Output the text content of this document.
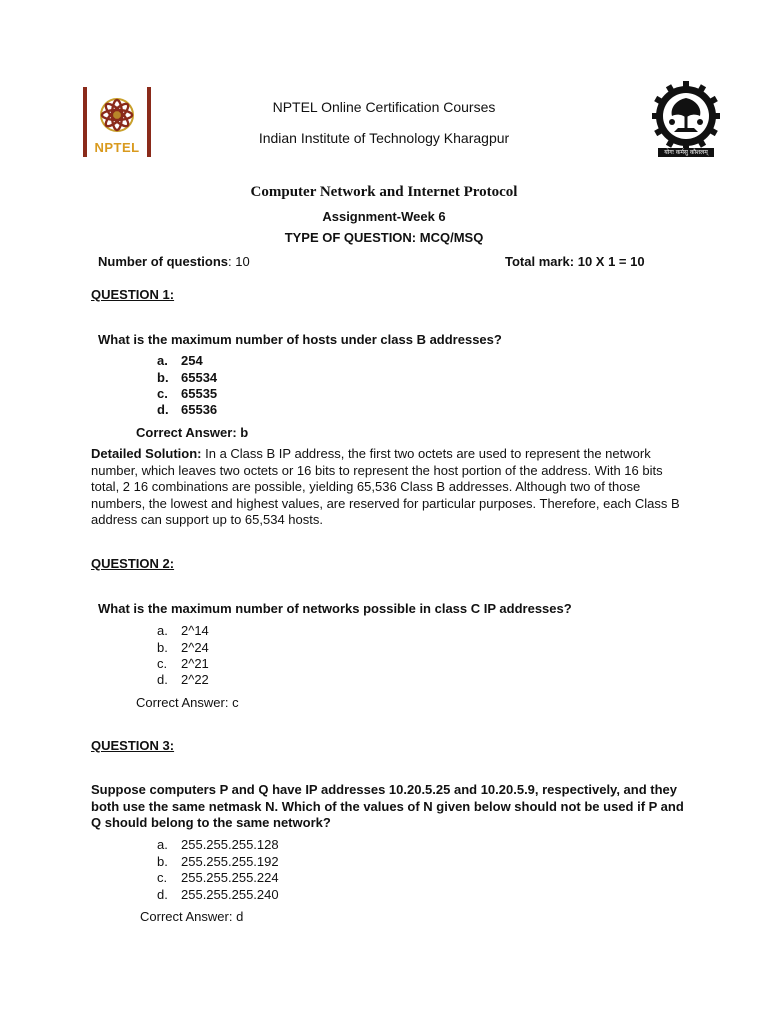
NPTEL	योगः कर्मसु कौशलम्
NPTEL Online Certification Courses
Indian Institute of Technology Kharagpur
Computer Network and Internet Protocol
Assignment-Week 6
TYPE OF QUESTION: MCQ/MSQ
Number of questions: 10	Total mark: 10 X 1 = 10
QUESTION 1:
What is the maximum number of hosts under class B addresses?
a. 254
b. 65534
c. 65535
d. 65536
Correct Answer: b
Detailed Solution: In a Class B IP address, the first two octets are used to represent the network number, which leaves two octets or 16 bits to represent the host portion of the address. With 16 bits total, 2 16 combinations are possible, yielding 65,536 Class B addresses. Although two of those numbers, the lowest and highest values, are reserved for particular purposes. Therefore, each Class B address can support up to 65,534 hosts.
QUESTION 2:
What is the maximum number of networks possible in class C IP addresses?
a. 2^14
b. 2^24
c. 2^21
d. 2^22
Correct Answer: c
QUESTION 3:
Suppose computers P and Q have IP addresses 10.20.5.25 and 10.20.5.9, respectively, and they both use the same netmask N. Which of the values of N given below should not be used if P and Q should belong to the same network?
a. 255.255.255.128
b. 255.255.255.192
c. 255.255.255.224
d. 255.255.255.240
Correct Answer: d
